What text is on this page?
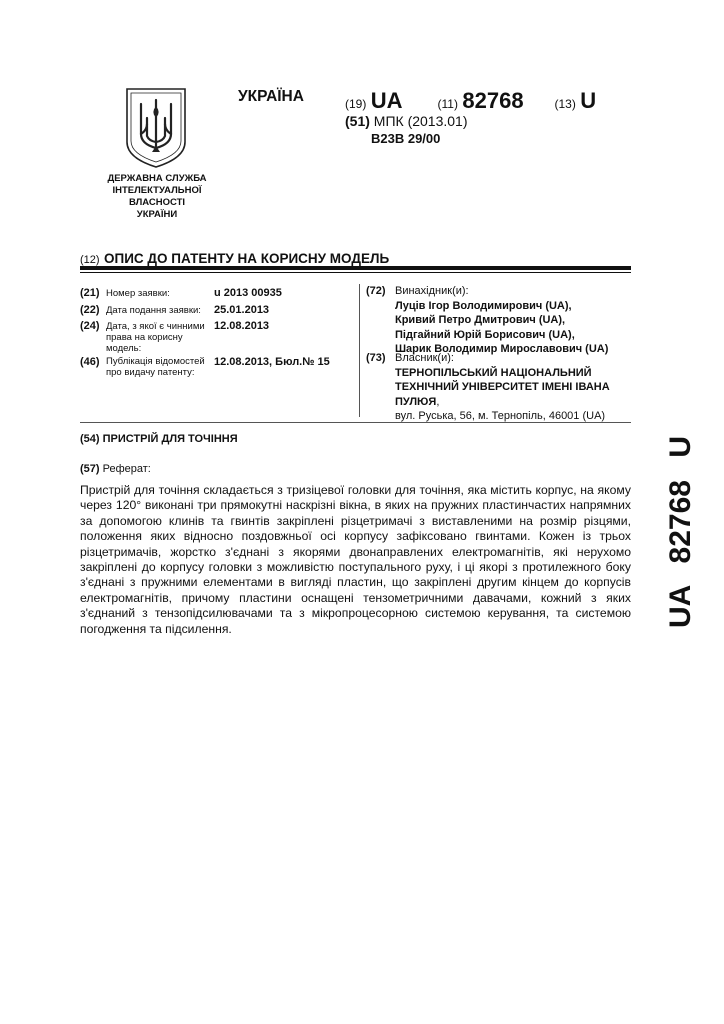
ДЕРЖАВНА СЛУЖБА
ІНТЕЛЕКТУАЛЬНОЇ
ВЛАСНОСТІ
УКРАЇНИ
УКРАЇНА	(19) UA	(11) 82768	(13) U
(51) МПК (2013.01)
B23B 29/00
(12) ОПИС ДО ПАТЕНТУ НА КОРИСНУ МОДЕЛЬ
(21) Номер заявки:	u 2013 00935
(22) Дата подання заявки:	25.01.2013
(24) Дата, з якої є чинними права на корисну модель:
12.08.2013
(46) Публікація відомостей про видачу патенту:
12.08.2013, Бюл.№ 15
(72) Винахідник(и):
Луців Ігор Володимирович (UA),
Кривий Петро Дмитрович (UA),
Підгайний Юрій Борисович (UA),
Шарик Володимир Мирославович (UA)
(73) Власник(и):
ТЕРНОПІЛЬСЬКИЙ НАЦІОНАЛЬНИЙ
ТЕХНІЧНИЙ УНІВЕРСИТЕТ ІМЕНІ ІВАНА
ПУЛЮЯ,
вул. Руська, 56, м. Тернопіль, 46001 (UA)
(54) ПРИСТРІЙ ДЛЯ ТОЧІННЯ
(57) Реферат:
Пристрій для точіння складається з тризіцевої головки для точіння, яка містить корпус, на якому через 120° виконані три прямокутні наскрізні вікна, в яких на пружних пластинчастих напрямних за допомогою клинів та гвинтів закріплені різцетримачі з виставленими на розмір різцями, положення яких відносно поздовжньої осі корпусу зафіксовано гвинтами. Кожен із трьох різцетримачів, жорстко з'єднані з якорями двонаправлених електромагнітів, які нерухомо закріплені до корпусу головки з можливістю поступального руху, і ці якорі з протилежного боку з'єднані з пружними елементами в вигляді пластин, що закріплені другим кінцем до корпусів електромагнітів, причому пластини оснащені тензометричними давачами, кожний з яких з'єднаний з тензопідсилювачами та з мікропроцесорною системою керування, та системою погодження та підсилення.
UA 82768 U
